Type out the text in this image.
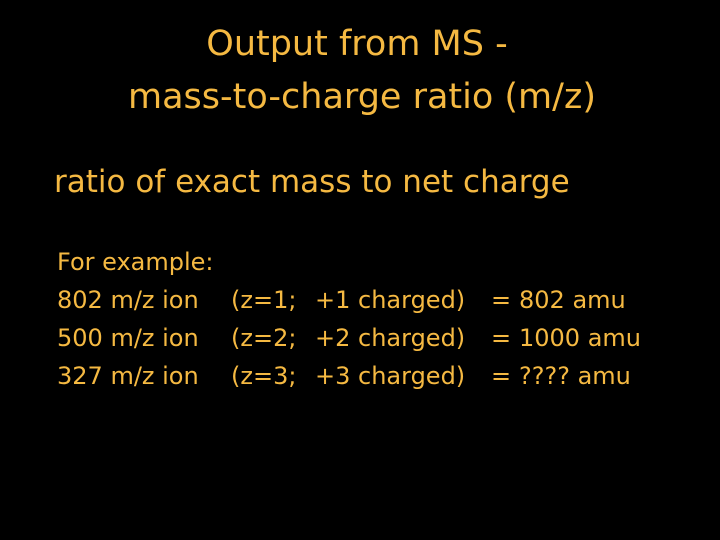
Output from MS -
mass-to-charge ratio (m/z)
ratio of exact mass to net charge
For example:
802 m/z ion (z=1; +1 charged) = 802 amu
500 m/z ion (z=2; +2 charged) = 1000 amu
327 m/z ion (z=3; +3 charged) = ???? amu
